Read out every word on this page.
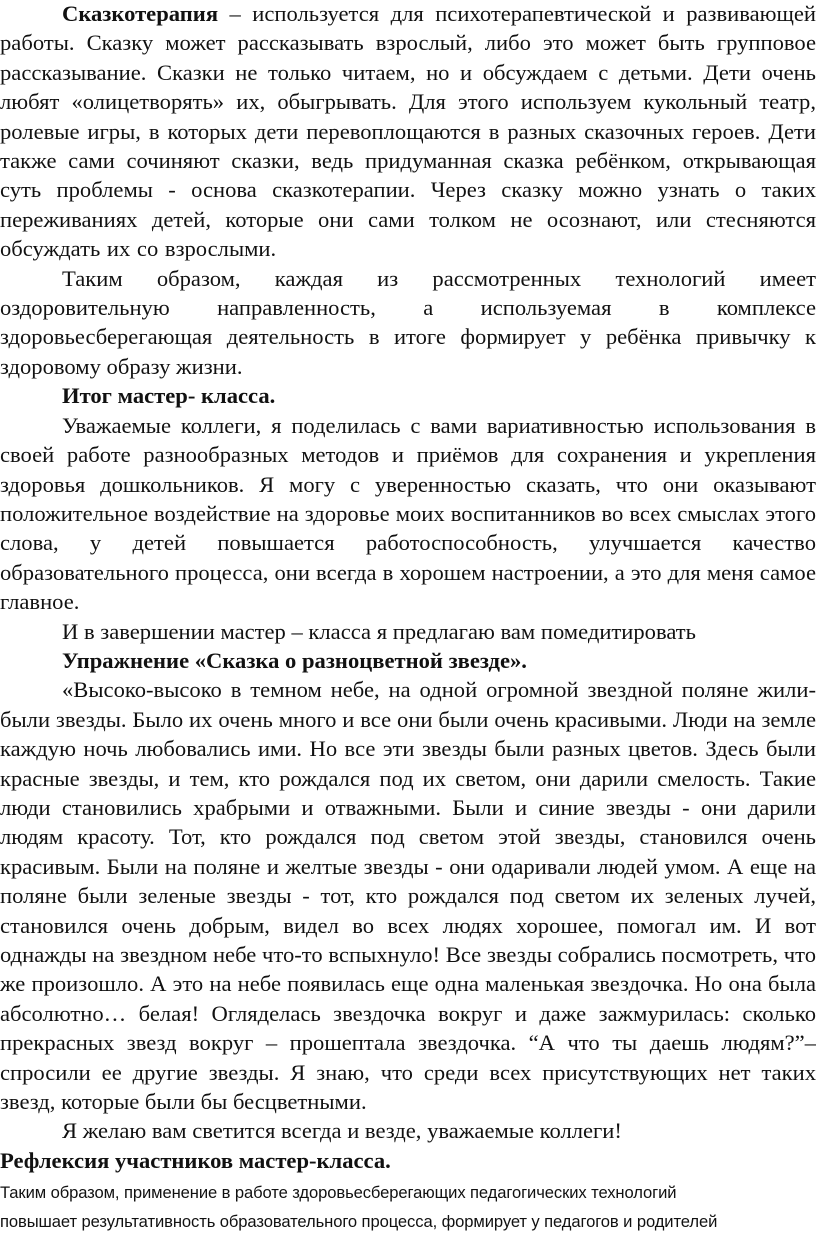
Сказкотерапия – используется для психотерапевтической и развивающей работы. Сказку может рассказывать взрослый, либо это может быть групповое рассказывание. Сказки не только читаем, но и обсуждаем с детьми. Дети очень любят «олицетворять» их, обыгрывать. Для этого используем кукольный театр, ролевые игры, в которых дети перевоплощаются в разных сказочных героев. Дети также сами сочиняют сказки, ведь придуманная сказка ребёнком, открывающая суть проблемы - основа сказкотерапии. Через сказку можно узнать о таких переживаниях детей, которые они сами толком не осознают, или стесняются обсуждать их со взрослыми.

Таким образом, каждая из рассмотренных технологий имеет оздоровительную направленность, а используемая в комплексе здоровьесберегающая деятельность в итоге формирует у ребёнка привычку к здоровому образу жизни.

Итог мастер- класса.

Уважаемые коллеги, я поделилась с вами вариативностью использования в своей работе разнообразных методов и приёмов для сохранения и укрепления здоровья дошкольников. Я могу с уверенностью сказать, что они оказывают положительное воздействие на здоровье моих воспитанников во всех смыслах этого слова, у детей повышается работоспособность, улучшается качество образовательного процесса, они всегда в хорошем настроении, а это для меня самое главное.

И в завершении мастер – класса я предлагаю вам помедитировать

Упражнение «Сказка о разноцветной звезде».

«Высоко-высоко в темном небе, на одной огромной звездной поляне жили-были звезды. Было их очень много и все они были очень красивыми. Люди на земле каждую ночь любовались ими. Но все эти звезды были разных цветов. Здесь были красные звезды, и тем, кто рождался под их светом, они дарили смелость. Такие люди становились храбрыми и отважными. Были и синие звезды - они дарили людям красоту. Тот, кто рождался под светом этой звезды, становился очень красивым. Были на поляне и желтые звезды - они одаривали людей умом. А еще на поляне были зеленые звезды - тот, кто рождался под светом их зеленых лучей, становился очень добрым, видел во всех людях хорошее, помогал им. И вот однажды на звездном небе что-то вспыхнуло! Все звезды собрались посмотреть, что же произошло. А это на небе появилась еще одна маленькая звездочка. Но она была абсолютно… белая! Огляделась звездочка вокруг и даже зажмурилась: сколько прекрасных звезд вокруг – прошептала звездочка. “А что ты даешь людям?”– спросили ее другие звезды. Я знаю, что среди всех присутствующих нет таких звезд, которые были бы бесцветными.

Я желаю вам светится всегда и везде, уважаемые коллеги!

Рефлексия участников мастер-класса.

Таким образом, применение в работе здоровьесберегающих педагогических технологий

повышает результативность образовательного процесса, формирует у педагогов и родителей
